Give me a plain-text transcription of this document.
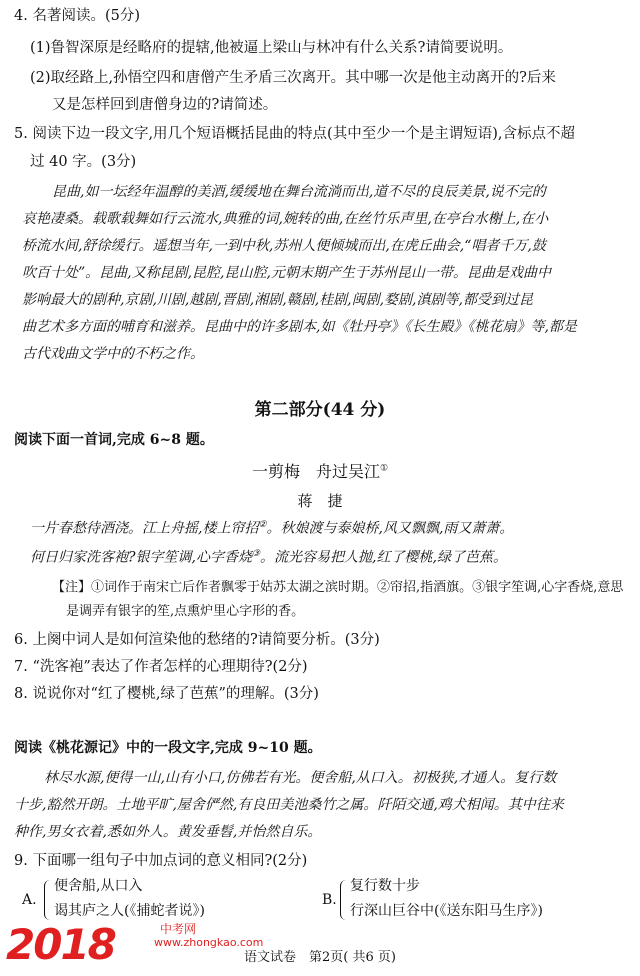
4. 名著阅读。(5分)
(1)鲁智深原是经略府的提辖,他被逼上梁山与林冲有什么关系?请简要说明。
(2)取经路上,孙悟空四和唐僧产生矛盾三次离开。其中哪一次是他主动离开的?后来
又是怎样回到唐僧身边的?请简述。
5. 阅读下边一段文字,用几个短语概括昆曲的特点(其中至少一个是主谓短语),含标点不超
过 40 字。(3分)
昆曲,如一坛经年温醇的美酒,缓缓地在舞台流淌而出,道不尽的良辰美景,说不完的
哀艳凄桑。载歌载舞如行云流水,典雅的词,婉转的曲,在丝竹乐声里,在亭台水榭上,在小
桥流水间,舒徐缓行。遥想当年,一到中秋,苏州人便倾城而出,在虎丘曲会,“唱者千万,鼓
吹百十处”。昆曲,又称昆剧,昆腔,昆山腔,元朝末期产生于苏州昆山一带。昆曲是戏曲中
影响最大的剧种,京剧,川剧,越剧,晋剧,湘剧,赣剧,桂剧,闽剧,婺剧,滇剧等,都受到过昆
曲艺术多方面的哺育和滋养。昆曲中的许多剧本,如《牡丹亭》《长生殿》《桃花扇》等,都是
古代戏曲文学中的不朽之作。
第二部分(44 分)
阅读下面一首词,完成 6~8 题。
一剪梅　舟过吴江①
蒋　捷
一片春愁待酒浇。江上舟摇,楼上帘招②。秋娘渡与泰娘桥,风又飘飘,雨又萧萧。
何日归家洗客袍?银字笙调,心字香烧③。流光容易把人抛,红了樱桃,绿了芭蕉。
【注】①词作于南宋亡后作者飘零于姑苏太湖之滨时期。②帘招,指酒旗。③银字笙调,心字香烧,意思
是调弄有银字的笙,点熏炉里心字形的香。
6. 上阕中词人是如何渲染他的愁绪的?请简要分析。(3分)
7. “洗客袍”表达了作者怎样的心理期待?(2分)
8. 说说你对“红了樱桃,绿了芭蕉”的理解。(3分)
阅读《桃花源记》中的一段文字,完成 9~10 题。
林尽水源,便得一山,山有小口,仿佛若有光。便舍船,从口入。初极狭,才通人。复行数
十步,豁然开朗。土地平旷,屋舍俨然,有良田美池桑竹之属。阡陌交通,鸡犬相闻。其中往来
种作,男女衣着,悉如外人。黄发垂髫,并怡然自乐。
9. 下面哪一组句子中加点词的意义相同?(2分)
A.
便舍船,从口入
谒其庐之人(《捕蛇者说》)
B.
复行数十步
行深山巨谷中(《送东阳马生序》)
2018	中考网
www.zhongkao.com
语文试卷　第2页( 共6 页)
